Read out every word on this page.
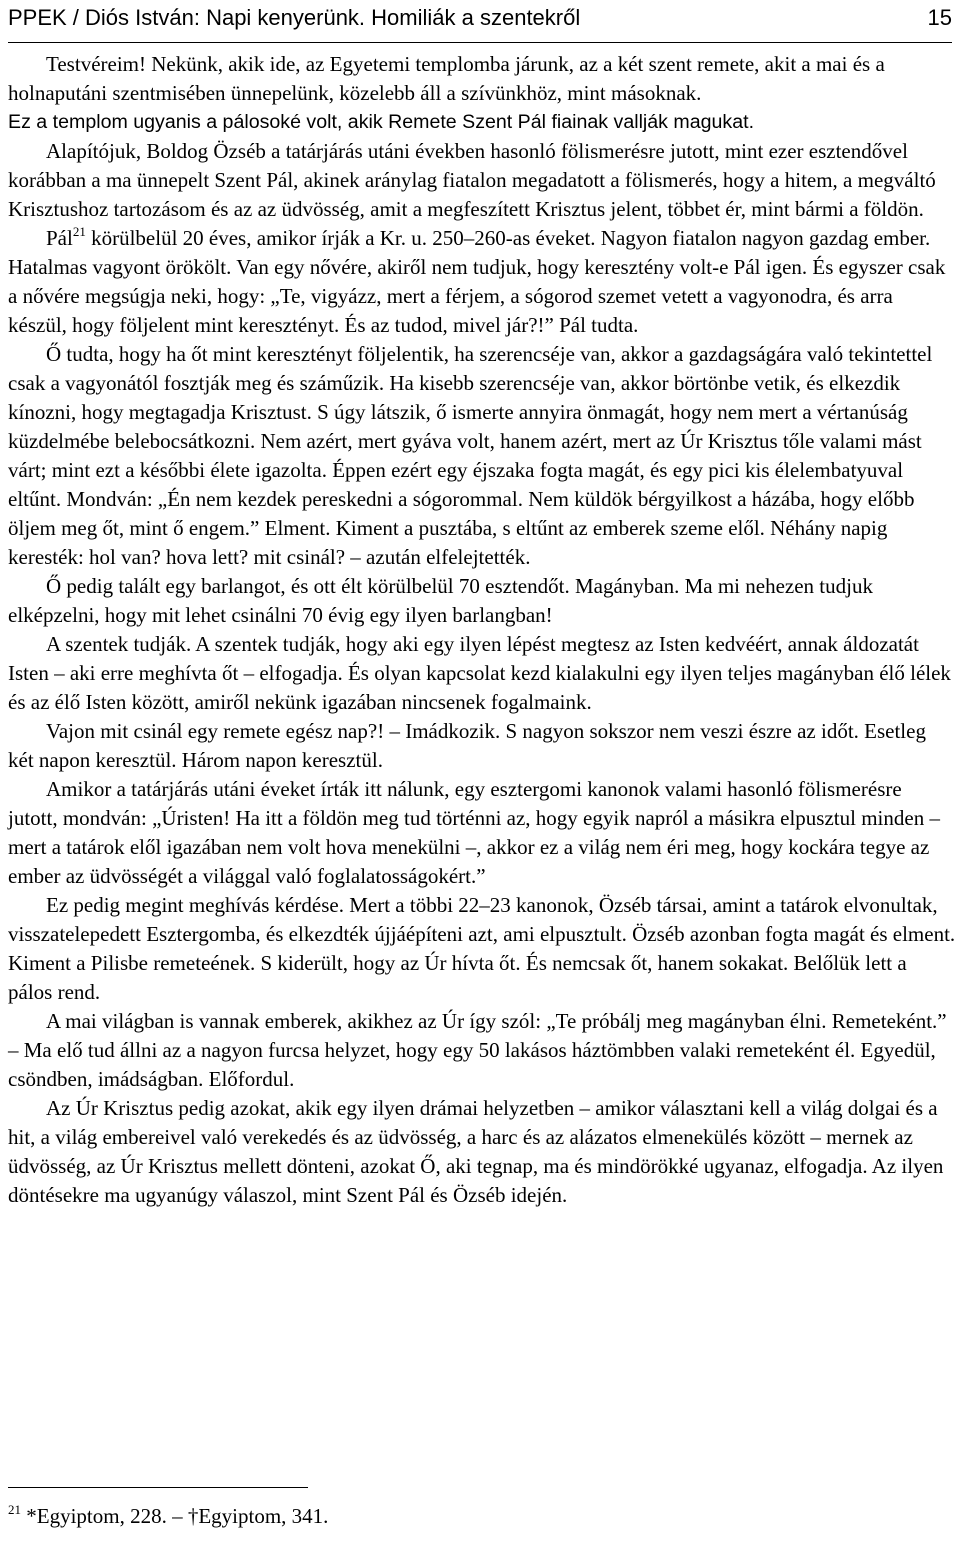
PPEK / Diós István: Napi kenyerünk. Homiliák a szentekről	15

Testvéreim! Nekünk, akik ide, az Egyetemi templomba járunk, az a két szent remete, akit a mai és a holnaputáni szentmisében ünnepelünk, közelebb áll a szívünkhöz, mint másoknak.

Ez a templom ugyanis a pálosoké volt, akik Remete Szent Pál fiainak vallják magukat.

Alapítójuk, Boldog Özséb a tatárjárás utáni években hasonló fölismerésre jutott, mint ezer esztendővel korábban a ma ünnepelt Szent Pál, akinek aránylag fiatalon megadatott a fölismerés, hogy a hitem, a megváltó Krisztushoz tartozásom és az az üdvösség, amit a megfeszített Krisztus jelent, többet ér, mint bármi a földön.

Pál$^{21}$ körülbelül 20 éves, amikor írják a Kr. u. 250–260-as éveket. Nagyon fiatalon nagyon gazdag ember. Hatalmas vagyont örökölt. Van egy nővére, akiről nem tudjuk, hogy keresztény volt-e Pál igen. És egyszer csak a nővére megsúgja neki, hogy: „Te, vigyázz, mert a férjem, a sógorod szemet vetett a vagyonodra, és arra készül, hogy följelent mint keresztényt. És az tudod, mivel jár?!” Pál tudta.

Ő tudta, hogy ha őt mint keresztényt följelentik, ha szerencséje van, akkor a gazdagságára való tekintettel csak a vagyonától fosztják meg és száműzik. Ha kisebb szerencséje van, akkor börtönbe vetik, és elkezdik kínozni, hogy megtagadja Krisztust. S úgy látszik, ő ismerte annyira önmagát, hogy nem mert a vértanúság küzdelmébe belebocsátkozni. Nem azért, mert gyáva volt, hanem azért, mert az Úr Krisztus tőle valami mást várt; mint ezt a későbbi élete igazolta. Éppen ezért egy éjszaka fogta magát, és egy pici kis élelembatyuval eltűnt. Mondván: „Én nem kezdek pereskedni a sógorommal. Nem küldök bérgyilkost a házába, hogy előbb öljem meg őt, mint ő engem.” Elment. Kiment a pusztába, s eltűnt az emberek szeme elől. Néhány napig keresték: hol van? hova lett? mit csinál? – azután elfelejtették.

Ő pedig talált egy barlangot, és ott élt körülbelül 70 esztendőt. Magányban. Ma mi nehezen tudjuk elképzelni, hogy mit lehet csinálni 70 évig egy ilyen barlangban!

A szentek tudják. A szentek tudják, hogy aki egy ilyen lépést megtesz az Isten kedvéért, annak áldozatát Isten – aki erre meghívta őt – elfogadja. És olyan kapcsolat kezd kialakulni egy ilyen teljes magányban élő lélek és az élő Isten között, amiről nekünk igazában nincsenek fogalmaink.

Vajon mit csinál egy remete egész nap?! – Imádkozik. S nagyon sokszor nem veszi észre az időt. Esetleg két napon keresztül. Három napon keresztül.

Amikor a tatárjárás utáni éveket írták itt nálunk, egy esztergomi kanonok valami hasonló fölismerésre jutott, mondván: „Úristen! Ha itt a földön meg tud történni az, hogy egyik napról a másikra elpusztul minden – mert a tatárok elől igazában nem volt hova menekülni –, akkor ez a világ nem éri meg, hogy kockára tegye az ember az üdvösségét a világgal való foglalatosságokért.”

Ez pedig megint meghívás kérdése. Mert a többi 22–23 kanonok, Özséb társai, amint a tatárok elvonultak, visszatelepedett Esztergomba, és elkezdték újjáépíteni azt, ami elpusztult. Özséb azonban fogta magát és elment. Kiment a Pilisbe remeteének. S kiderült, hogy az Úr hívta őt. És nemcsak őt, hanem sokakat. Belőlük lett a pálos rend.

A mai világban is vannak emberek, akikhez az Úr így szól: „Te próbálj meg magányban élni. Remeteként.” – Ma elő tud állni az a nagyon furcsa helyzet, hogy egy 50 lakásos háztömbben valaki remeteként él. Egyedül, csöndben, imádságban. Előfordul.

Az Úr Krisztus pedig azokat, akik egy ilyen drámai helyzetben – amikor választani kell a világ dolgai és a hit, a világ embereivel való verekedés és az üdvösség, a harc és az alázatos elmenekülés között – mernek az üdvösség, az Úr Krisztus mellett dönteni, azokat Ő, aki tegnap, ma és mindörökké ugyanaz, elfogadja. Az ilyen döntésekre ma ugyanúgy válaszol, mint Szent Pál és Özséb idején.

$^{21}$ *Egyiptom, 228. – †Egyiptom, 341.
